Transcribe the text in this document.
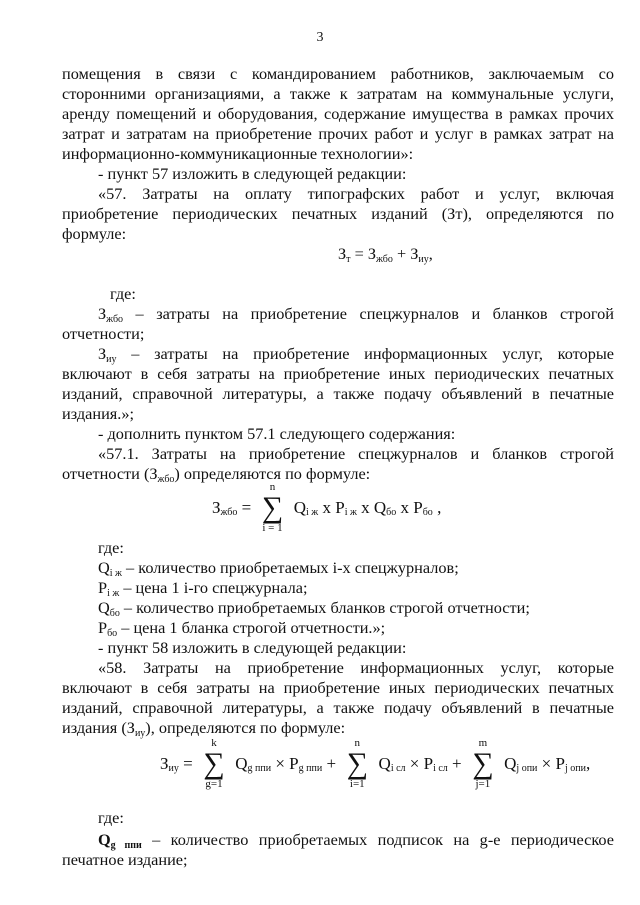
3
помещения в связи с командированием работников, заключаемым со
сторонними организациями, а также к затратам на коммунальные услуги,
аренду помещений и оборудования, содержание имущества в рамках прочих
затрат и затратам на приобретение прочих работ и услуг в рамках затрат на
информационно-коммуникационные технологии»:
- пункт 57 изложить в следующей редакции:
«57. Затраты на оплату типографских работ и услуг, включая
приобретение периодических печатных изданий (Зт), определяются по
формуле:
$З_т = З_{жбо} + З_{иу}$,
где:
$З_{жбо}$ – затраты на приобретение спецжурналов и бланков строгой
отчетности;
$З_{иу}$ – затраты на приобретение информационных услуг, которые
включают в себя затраты на приобретение иных периодических печатных
изданий, справочной литературы, а также подачу объявлений в печатные
издания.»;
- дополнить пунктом 57.1 следующего содержания:
«57.1. Затраты на приобретение спецжурналов и бланков строгой
отчетности $(З_{жбо})$ определяются по формуле:
$З_{жбо}$ =
n
∑
i = 1
$Q_{i ж}$ x $P_{i ж}$ x $Q_{бо}$ x $P_{бо}$ ,
где:
$Q_{i ж}$ – количество приобретаемых i-х спецжурналов;
$P_{i ж}$ – цена 1 i-го спецжурнала;
$Q_{бо}$ – количество приобретаемых бланков строгой отчетности;
$P_{бо}$ – цена 1 бланка строгой отчетности.»;
- пункт 58 изложить в следующей редакции:
«58. Затраты на приобретение информационных услуг, которые
включают в себя затраты на приобретение иных периодических печатных
изданий, справочной литературы, а также подачу объявлений в печатные
издания $(З_{иу})$, определяются по формуле:
$З_{иу}$ =
k
∑
g=1
$Q_{g ппи} \times P_{g ппи}$ +
n
∑
i=1
$Q_{i сл} \times P_{i сл}$ +
m
∑
j=1
$Q_{j опи} \times P_{j опи}$,
где:
$Q_{g ппи}$ – количество приобретаемых подписок на g-е периодическое
печатное издание;
